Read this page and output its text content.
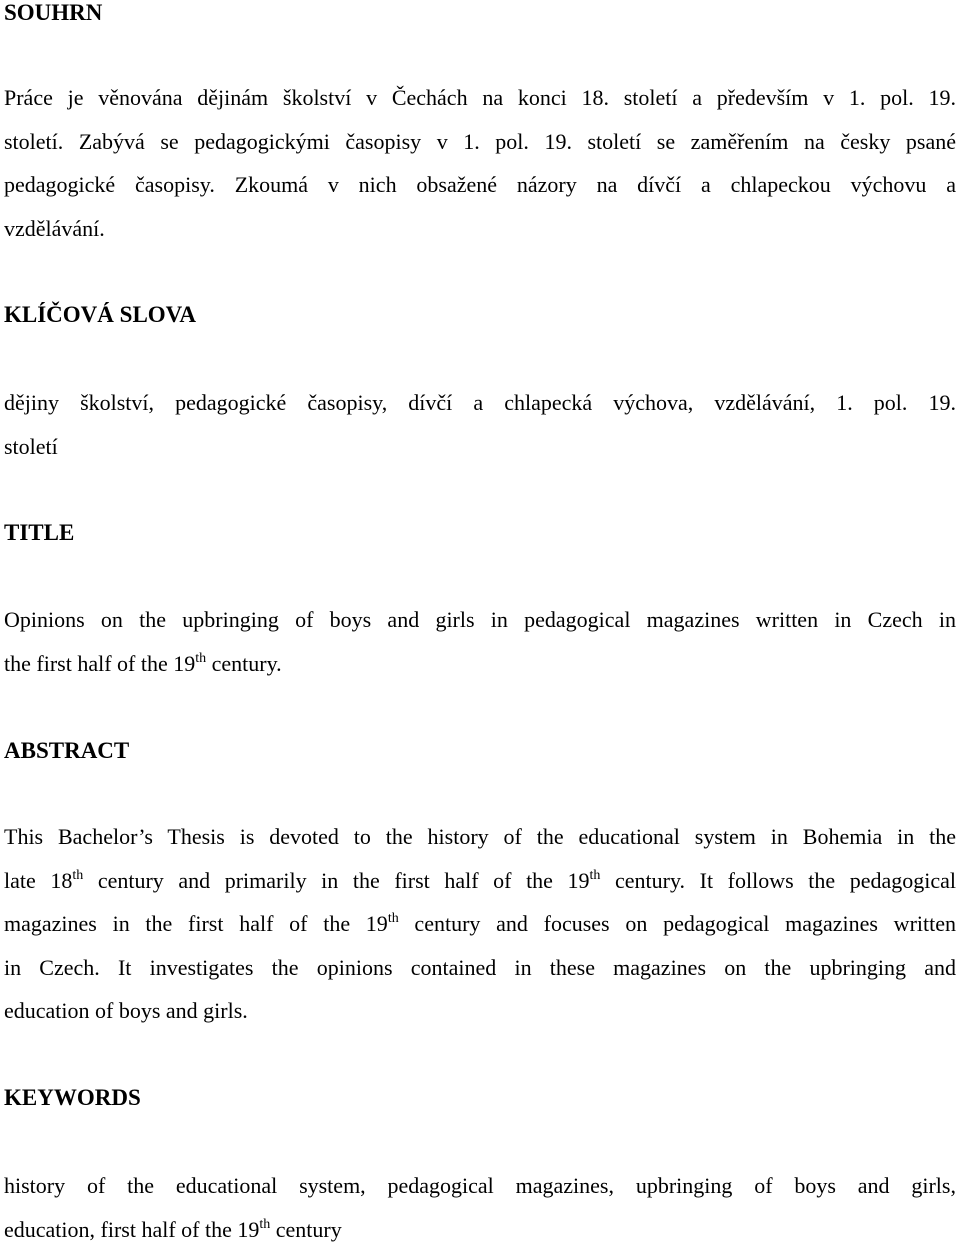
SOUHRN
Práce je věnována dějinám školství v Čechách na konci 18. století a především v 1. pol. 19.
století. Zabývá se pedagogickými časopisy v 1. pol. 19. století se zaměřením na česky psané
pedagogické časopisy. Zkoumá v nich obsažené názory na dívčí a chlapeckou výchovu a
vzdělávání.
KLÍČOVÁ SLOVA
dějiny školství, pedagogické časopisy, dívčí a chlapecká výchova, vzdělávání, 1. pol. 19.
století
TITLE
Opinions on the upbringing of boys and girls in pedagogical magazines written in Czech in
the first half of the 19th century.
ABSTRACT
This Bachelor’s Thesis is devoted to the history of the educational system in Bohemia in the
late 18th century and primarily in the first half of the 19th century. It follows the pedagogical
magazines in the first half of the 19th century and focuses on pedagogical magazines written
in Czech. It investigates the opinions contained in these magazines on the upbringing and
education of boys and girls.
KEYWORDS
history of the educational system, pedagogical magazines, upbringing of boys and girls,
education, first half of the 19th century
